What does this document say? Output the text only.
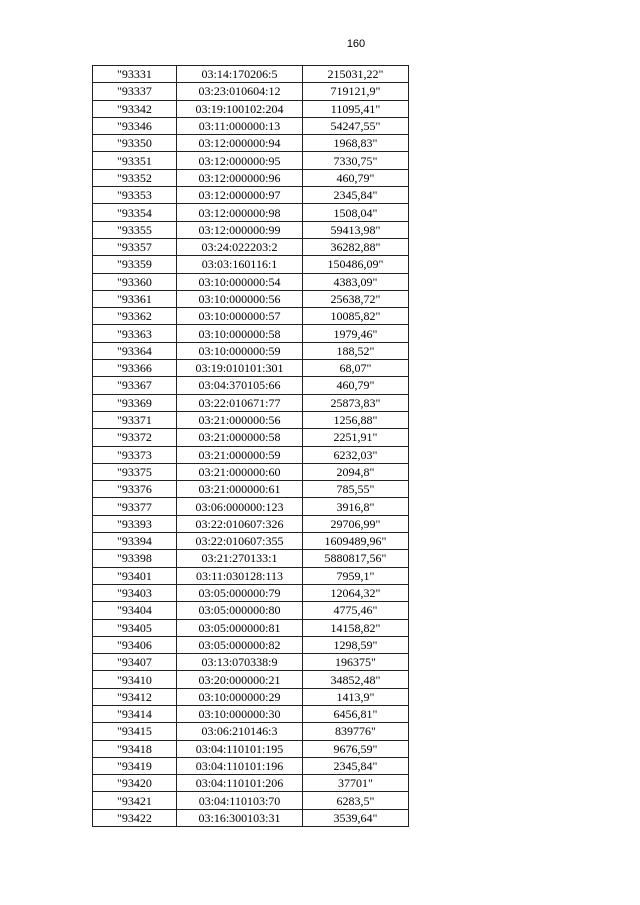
160
"93331	03:14:170206:5	215031,22"
"93337	03:23:010604:12	719121,9"
"93342	03:19:100102:204	11095,41"
"93346	03:11:000000:13	54247,55"
"93350	03:12:000000:94	1968,83"
"93351	03:12:000000:95	7330,75"
"93352	03:12:000000:96	460,79"
"93353	03:12:000000:97	2345,84"
"93354	03:12:000000:98	1508,04"
"93355	03:12:000000:99	59413,98"
"93357	03:24:022203:2	36282,88"
"93359	03:03:160116:1	150486,09"
"93360	03:10:000000:54	4383,09"
"93361	03:10:000000:56	25638,72"
"93362	03:10:000000:57	10085,82"
"93363	03:10:000000:58	1979,46"
"93364	03:10:000000:59	188,52"
"93366	03:19:010101:301	68,07"
"93367	03:04:370105:66	460,79"
"93369	03:22:010671:77	25873,83"
"93371	03:21:000000:56	1256,88"
"93372	03:21:000000:58	2251,91"
"93373	03:21:000000:59	6232,03"
"93375	03:21:000000:60	2094,8"
"93376	03:21:000000:61	785,55"
"93377	03:06:000000:123	3916,8"
"93393	03:22:010607:326	29706,99"
"93394	03:22:010607:355	1609489,96"
"93398	03:21:270133:1	5880817,56"
"93401	03:11:030128:113	7959,1"
"93403	03:05:000000:79	12064,32"
"93404	03:05:000000:80	4775,46"
"93405	03:05:000000:81	14158,82"
"93406	03:05:000000:82	1298,59"
"93407	03:13:070338:9	196375"
"93410	03:20:000000:21	34852,48"
"93412	03:10:000000:29	1413,9"
"93414	03:10:000000:30	6456,81"
"93415	03:06:210146:3	839776"
"93418	03:04:110101:195	9676,59"
"93419	03:04:110101:196	2345,84"
"93420	03:04:110101:206	37701"
"93421	03:04:110103:70	6283,5"
"93422	03:16:300103:31	3539,64"
